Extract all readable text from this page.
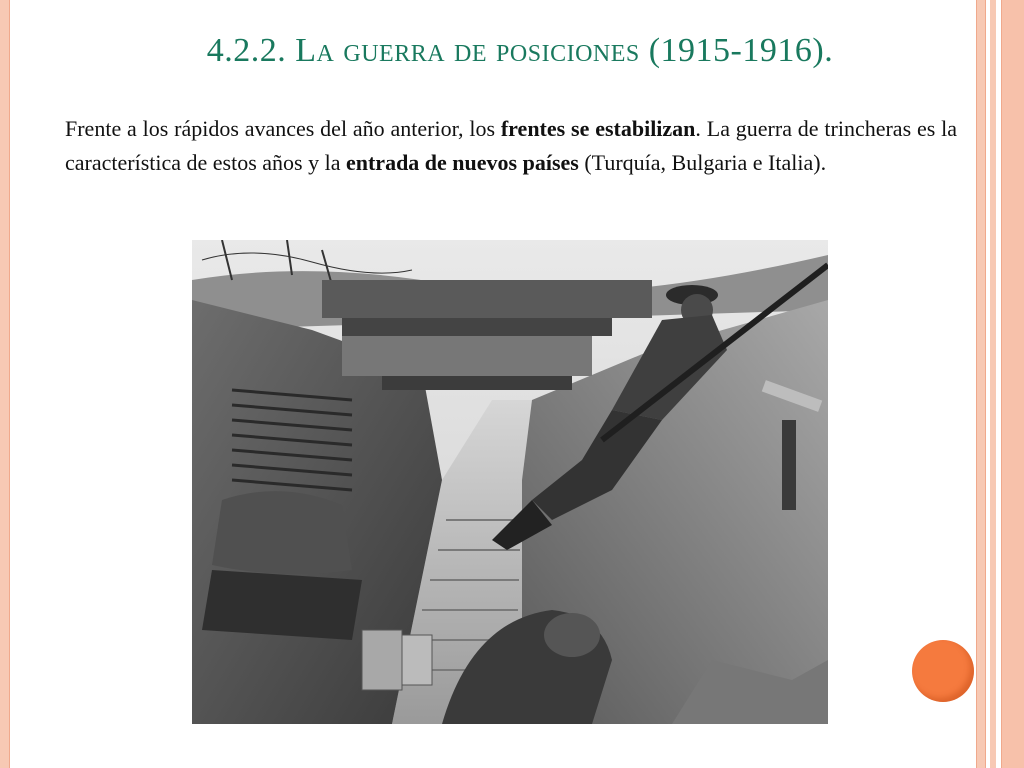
4.2.2. La guerra de posiciones (1915-1916).
Frente a los rápidos avances del año anterior, los frentes se estabilizan. La guerra de trincheras es la característica de estos años y la entrada de nuevos países (Turquía, Bulgaria e Italia).
